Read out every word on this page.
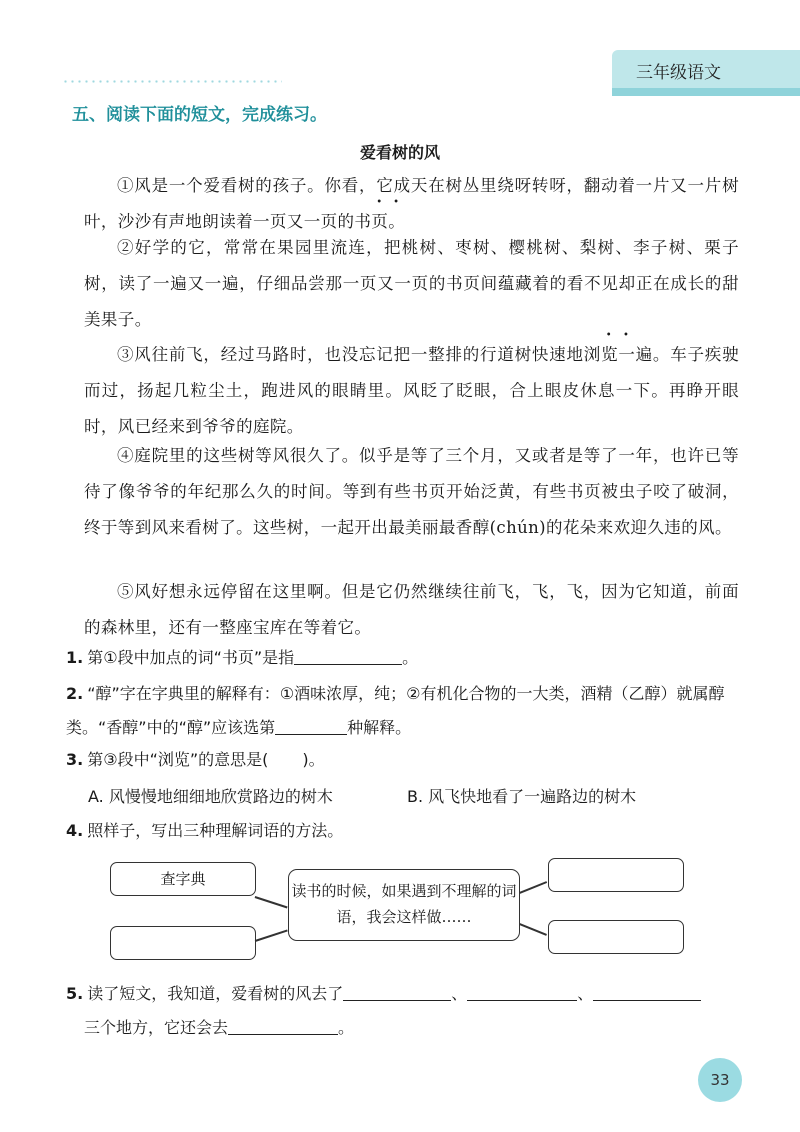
三年级语文
五、阅读下面的短文，完成练习。
爱看树的风
①风是一个爱看树的孩子。你看，它成天在树丛里绕呀转呀，翻动着一片又一片树叶，沙沙有声地朗读着一页又一页的书页。
②好学的它，常常在果园里流连，把桃树、枣树、樱桃树、梨树、李子树、栗子树，读了一遍又一遍，仔细品尝那一页又一页的书页间蕴藏着的看不见却正在成长的甜美果子。
③风往前飞，经过马路时，也没忘记把一整排的行道树快速地浏览一遍。车子疾驶而过，扬起几粒尘土，跑进风的眼睛里。风眨了眨眼，合上眼皮休息一下。再睁开眼时，风已经来到爷爷的庭院。
④庭院里的这些树等风很久了。似乎是等了三个月，又或者是等了一年，也许已等待了像爷爷的年纪那么久的时间。等到有些书页开始泛黄，有些书页被虫子咬了破洞，终于等到风来看树了。这些树，一起开出最美丽最香醇(chún)的花朵来欢迎久违的风。
⑤风好想永远停留在这里啊。但是它仍然继续往前飞，飞，飞，因为它知道，前面的森林里，还有一整座宝库在等着它。
1. 第①段中加点的词“书页”是指	。
2. “醇”字在字典里的解释有：①酒味浓厚，纯；②有机化合物的一大类，酒精（乙醇）就属醇类。“香醇”中的“醇”应该选第	种解释。
3. 第③段中“浏览”的意思是( )。
A. 风慢慢地细细地欣赏路边的树木	B. 风飞快地看了一遍路边的树木
4. 照样子，写出三种理解词语的方法。
查字典
读书的时候，如果遇到不理解的词语，我会这样做……
5. 读了短文，我知道，爱看树的风去了	、	、
三个地方，它还会去	。
33
